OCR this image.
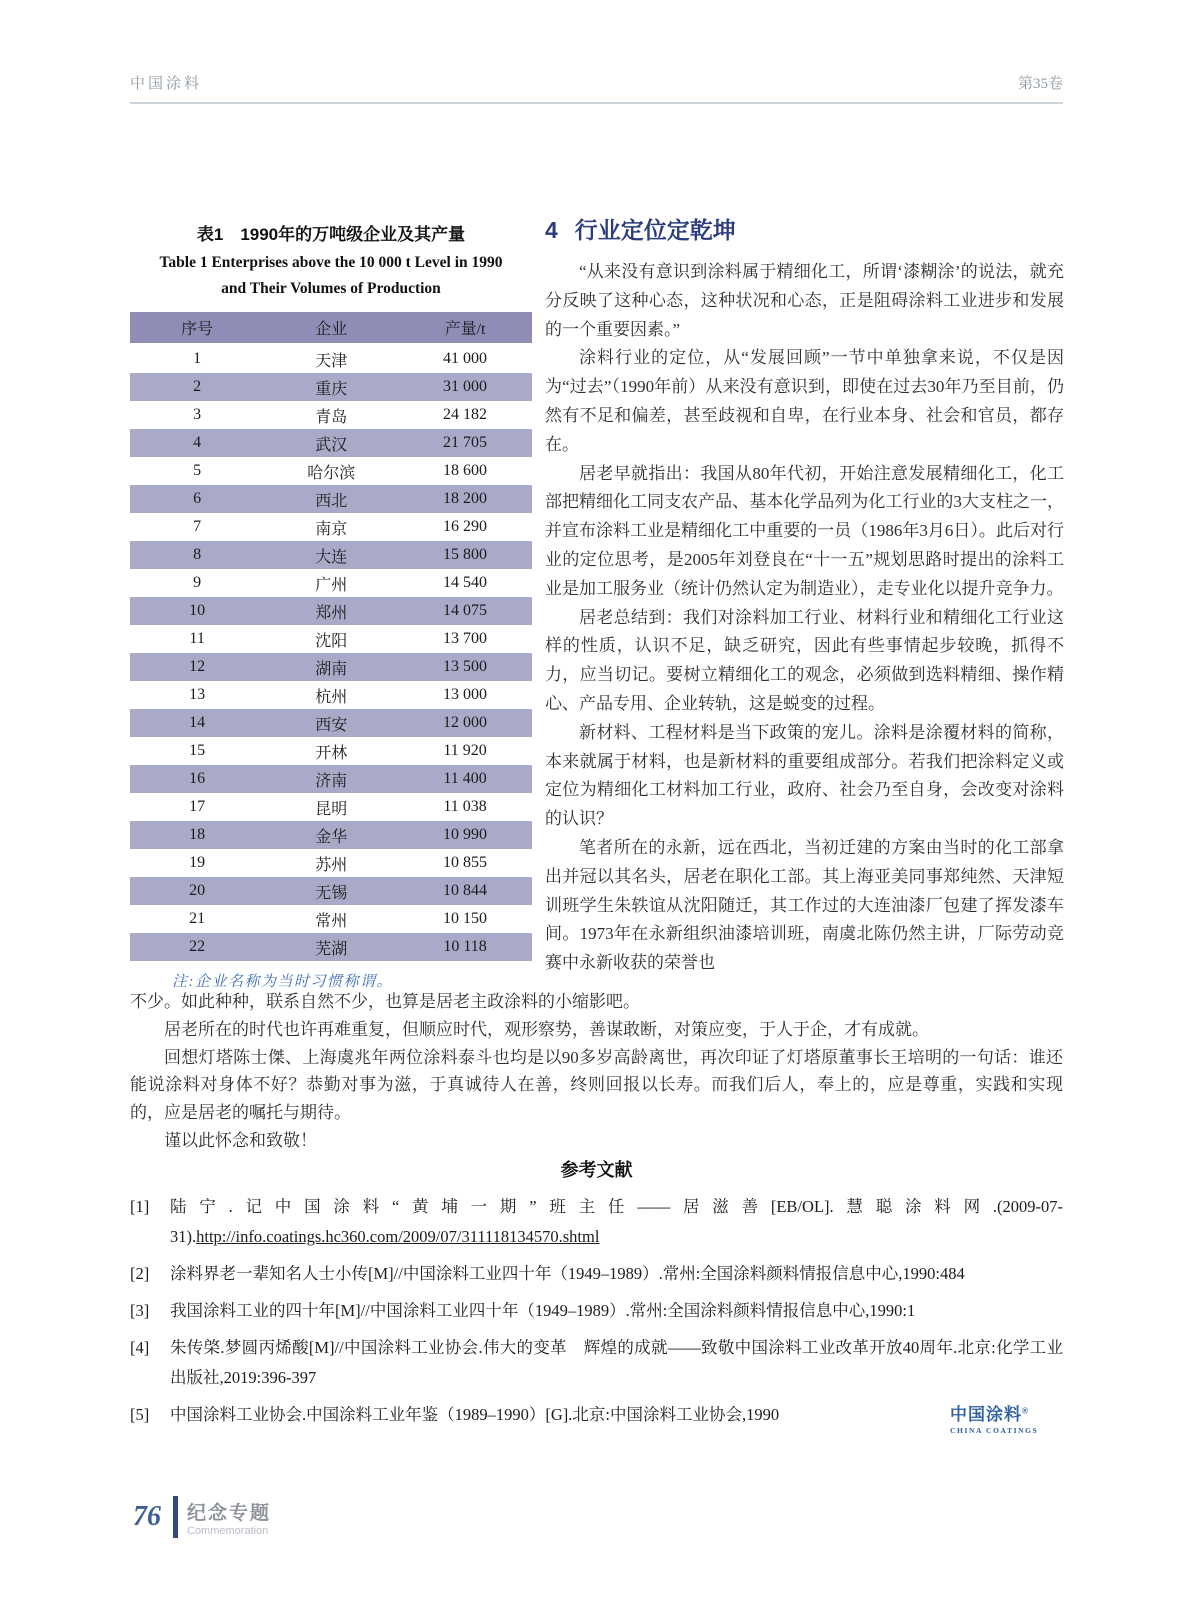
中国涂料	第35卷
表1　1990年的万吨级企业及其产量
Table 1 Enterprises above the 10 000 t Level in 1990
and Their Volumes of Production
序号	企业	产量/t
1	天津	41 000
2	重庆	31 000
3	青岛	24 182
4	武汉	21 705
5	哈尔滨	18 600
6	西北	18 200
7	南京	16 290
8	大连	15 800
9	广州	14 540
10	郑州	14 075
11	沈阳	13 700
12	湖南	13 500
13	杭州	13 000
14	西安	12 000
15	开林	11 920
16	济南	11 400
17	昆明	11 038
18	金华	10 990
19	苏州	10 855
20	无锡	10 844
21	常州	10 150
22	芜湖	10 118
注:企业名称为当时习惯称谓。
4 行业定位定乾坤

“从来没有意识到涂料属于精细化工，所谓‘漆糊涂’的说法，就充分反映了这种心态，这种状况和心态，正是阻碍涂料工业进步和发展的一个重要因素。”

涂料行业的定位，从“发展回顾”一节中单独拿来说，不仅是因为“过去”（1990年前）从来没有意识到，即使在过去30年乃至目前，仍然有不足和偏差，甚至歧视和自卑，在行业本身、社会和官员，都存在。

居老早就指出：我国从80年代初，开始注意发展精细化工，化工部把精细化工同支农产品、基本化学品列为化工行业的3大支柱之一，并宣布涂料工业是精细化工中重要的一员（1986年3月6日）。此后对行业的定位思考，是2005年刘登良在“十一五”规划思路时提出的涂料工业是加工服务业（统计仍然认定为制造业），走专业化以提升竞争力。

居老总结到：我们对涂料加工行业、材料行业和精细化工行业这样的性质，认识不足，缺乏研究，因此有些事情起步较晚，抓得不力，应当切记。要树立精细化工的观念，必须做到选料精细、操作精心、产品专用、企业转轨，这是蜕变的过程。

新材料、工程材料是当下政策的宠儿。涂料是涂覆材料的简称，本来就属于材料，也是新材料的重要组成部分。若我们把涂料定义或定位为精细化工材料加工行业，政府、社会乃至自身，会改变对涂料的认识？

笔者所在的永新，远在西北，当初迁建的方案由当时的化工部拿出并冠以其名头，居老在职化工部。其上海亚美同事郑纯然、天津短训班学生朱轶谊从沈阳随迁，其工作过的大连油漆厂包建了挥发漆车间。1973年在永新组织油漆培训班，南虞北陈仍然主讲，厂际劳动竞赛中永新收获的荣誉也

不少。如此种种，联系自然不少，也算是居老主政涂料的小缩影吧。

居老所在的时代也许再难重复，但顺应时代，观形察势，善谋敢断，对策应变，于人于企，才有成就。

回想灯塔陈士傑、上海虞兆年两位涂料泰斗也均是以90多岁高龄离世，再次印证了灯塔原董事长王培明的一句话：谁还能说涂料对身体不好？恭勤对事为滋，于真诚待人在善，终则回报以长寿。而我们后人，奉上的，应是尊重，实践和实现的，应是居老的嘱托与期待。

谨以此怀念和致敬！

参考文献
[1]	陆宁.记中国涂料“黄埔一期”班主任——居滋善[EB/OL].慧聪涂料网.(2009-07-31).http://info.coatings.hc360.com/2009/07/311118134570.shtml
[2]	涂料界老一辈知名人士小传[M]//中国涂料工业四十年（1949–1989）.常州:全国涂料颜料情报信息中心,1990:484
[3]	我国涂料工业的四十年[M]//中国涂料工业四十年（1949–1989）.常州:全国涂料颜料情报信息中心,1990:1
[4]	朱传棨.梦圆丙烯酸[M]//中国涂料工业协会.伟大的变革　辉煌的成就——致敬中国涂料工业改革开放40周年.北京:化学工业出版社,2019:396-397
[5]	中国涂料工业协会.中国涂料工业年鉴（1989–1990）[G].北京:中国涂料工业协会,1990	中国涂料®
CHINA COATINGS
76 纪念专题
Commemoration
